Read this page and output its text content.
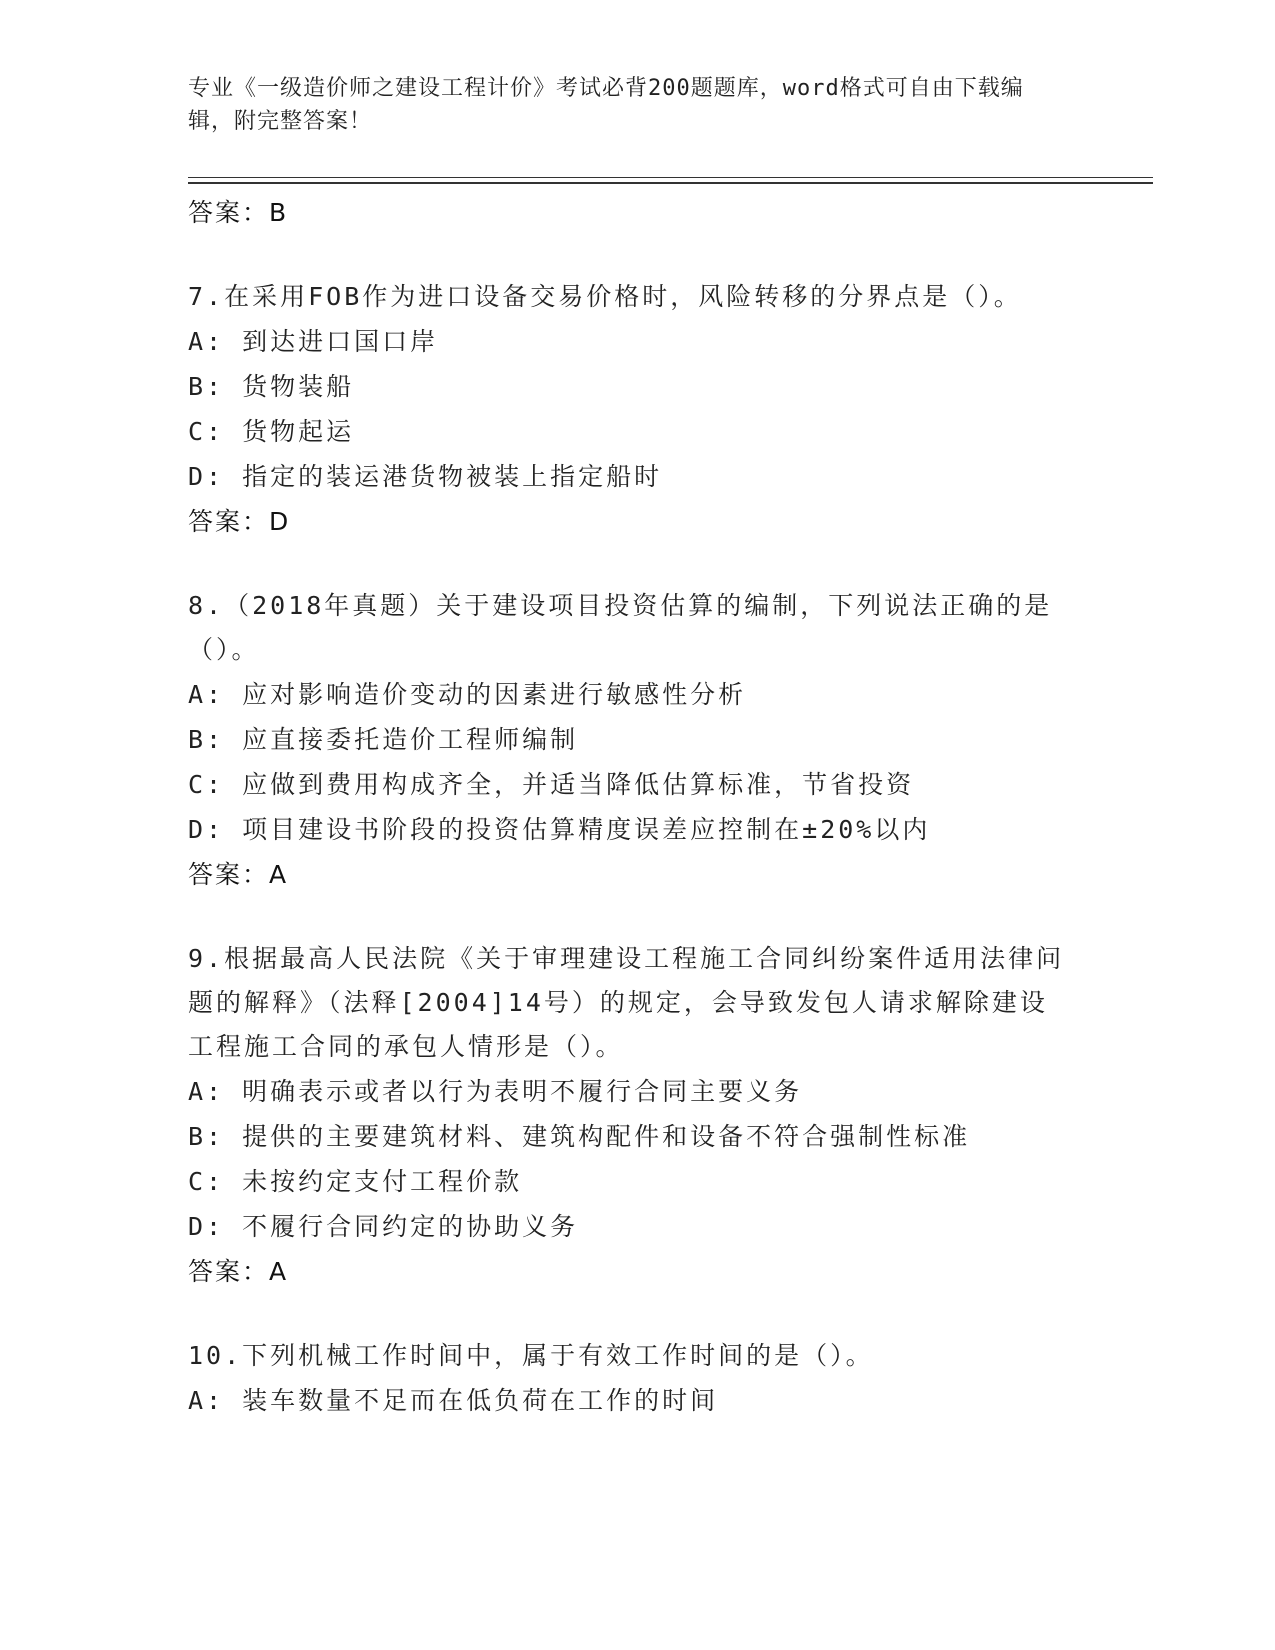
专业《一级造价师之建设工程计价》考试必背200题题库，word格式可自由下载编辑，附完整答案！
答案：B
7.在采用FOB作为进口设备交易价格时，风险转移的分界点是（）。
A: 到达进口国口岸
B: 货物装船
C: 货物起运
D: 指定的装运港货物被装上指定船时
答案：D
8.（2018年真题）关于建设项目投资估算的编制，下列说法正确的是（）。
A: 应对影响造价变动的因素进行敏感性分析
B: 应直接委托造价工程师编制
C: 应做到费用构成齐全，并适当降低估算标准，节省投资
D: 项目建设书阶段的投资估算精度误差应控制在±20%以内
答案：A
9.根据最高人民法院《关于审理建设工程施工合同纠纷案件适用法律问题的解释》（法释[2004]14号）的规定，会导致发包人请求解除建设工程施工合同的承包人情形是（）。
A: 明确表示或者以行为表明不履行合同主要义务
B: 提供的主要建筑材料、建筑构配件和设备不符合强制性标准
C: 未按约定支付工程价款
D: 不履行合同约定的协助义务
答案：A
10.下列机械工作时间中，属于有效工作时间的是（）。
A: 装车数量不足而在低负荷在工作的时间
